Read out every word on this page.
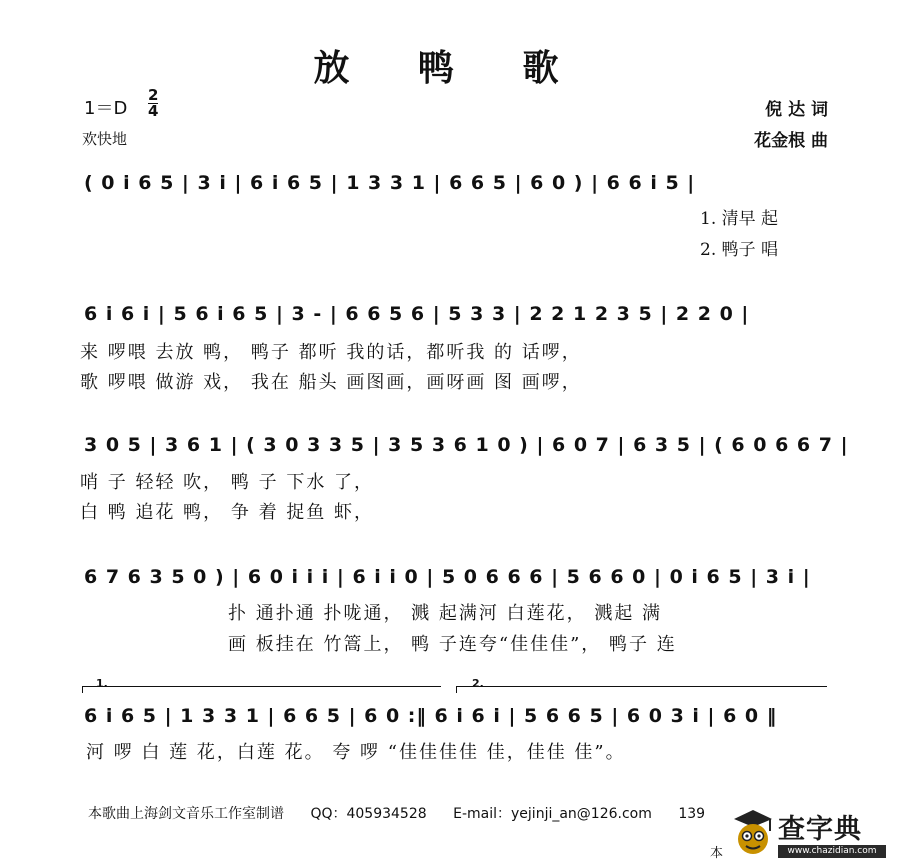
放 鸭 歌
1＝D
2
4
欢快地
倪 达 词
花金根 曲
( 0 i 6 5 | 3 i | 6 i 6 5 | 1 3 3 1 | 6 6 5 | 6 0 ) | 6 6 i 5 |
1. 清早 起
2. 鸭子 唱
6 i 6 i | 5 6 i 6 5 | 3 - | 6 6 5 6 | 5 3 3 | 2 2 1 2 3 5 | 2 2 0 |
来 啰喂 去放 鸭， 鸭子 都听 我的话，都听我 的 话啰，
歌 啰喂 做游 戏， 我在 船头 画图画，画呀画 图 画啰，
3 0 5 | 3 6 1 | ( 3 0 3 3 5 | 3 5 3 6 1 0 ) | 6 0 7 | 6 3 5 | ( 6 0 6 6 7 |
哨 子 轻轻 吹， 鸭 子 下水 了，
白 鸭 追花 鸭， 争 着 捉鱼 虾，
6 7 6 3 5 0 ) | 6 0 i i i | 6 i i 0 | 5 0 6 6 6 | 5 6 6 0 | 0 i 6 5 | 3 i |
扑 通扑通 扑咙通， 溅 起满河 白莲花， 溅起 满
画 板挂在 竹篙上， 鸭 子连夸“佳佳佳”， 鸭子 连
1.	2.
6 i 6 5 | 1 3 3 1 | 6 6 5 | 6 0 :‖ 6 i 6 i | 5 6 6 5 | 6 0 3 i | 6 0 ‖
河 啰 白 莲 花，白莲 花。 夸 啰 “佳佳佳佳 佳，佳佳 佳”。
本歌曲上海剑文音乐工作室制谱 QQ：405934528 E-mail：yejinji_an@126.com 139
本
查字典
www.chazidian.com
